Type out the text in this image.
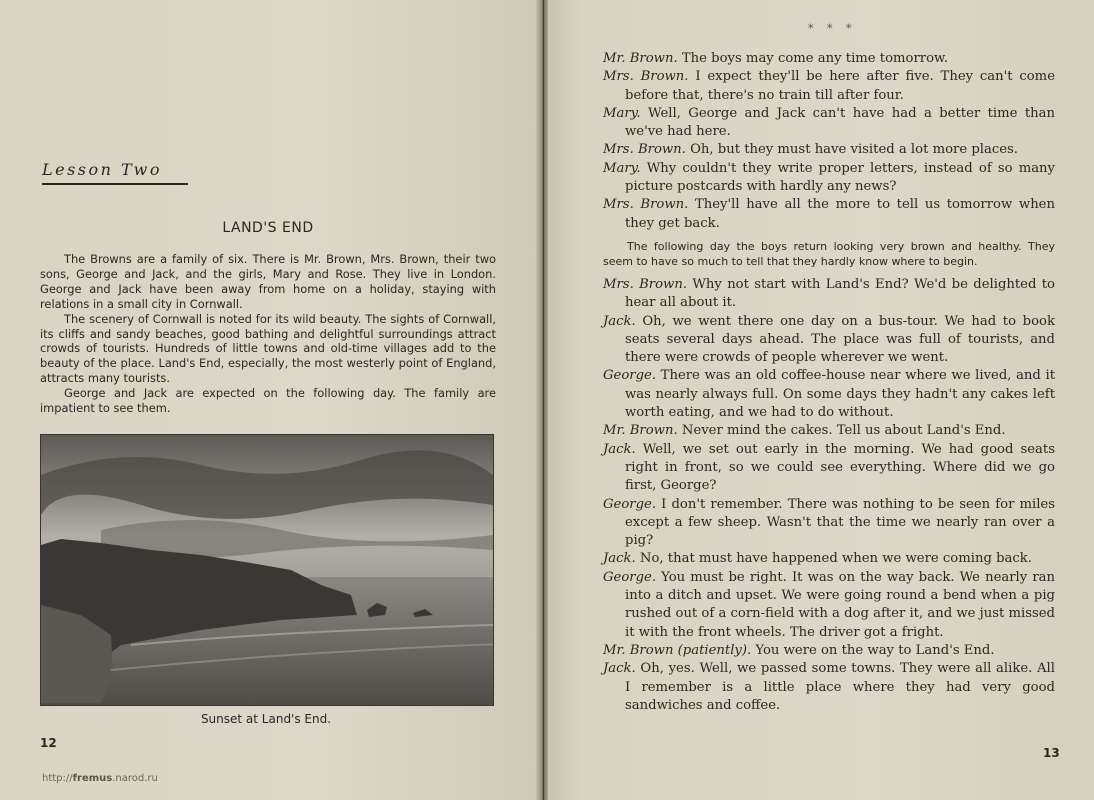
Lesson Two
LAND'S END

The Browns are a family of six. There is Mr. Brown, Mrs. Brown, their two sons, George and Jack, and the girls, Mary and Rose. They live in London. George and Jack have been away from home on a holiday, staying with relations in a small city in Cornwall.

The scenery of Cornwall is noted for its wild beauty. The sights of Cornwall, its cliffs and sandy beaches, good bathing and delightful surroundings attract crowds of tourists. Hundreds of little towns and old-time villages add to the beauty of the place. Land's End, especially, the most westerly point of England, attracts many tourists.

George and Jack are expected on the following day. The family are impatient to see them.

Sunset at Land's End.
12
http://fremus.narod.ru
* * *
Mr. Brown. The boys may come any time tomorrow.
Mrs. Brown. I expect they'll be here after five. They can't come before that, there's no train till after four.
Mary. Well, George and Jack can't have had a better time than we've had here.
Mrs. Brown. Oh, but they must have visited a lot more places.
Mary. Why couldn't they write proper letters, instead of so many picture postcards with hardly any news?
Mrs. Brown. They'll have all the more to tell us tomorrow when they get back.
The following day the boys return looking very brown and healthy. They seem to have so much to tell that they hardly know where to begin.
Mrs. Brown. Why not start with Land's End? We'd be delighted to hear all about it.
Jack. Oh, we went there one day on a bus-tour. We had to book seats several days ahead. The place was full of tourists, and there were crowds of people wherever we went.
George. There was an old coffee-house near where we lived, and it was nearly always full. On some days they hadn't any cakes left worth eating, and we had to do without.
Mr. Brown. Never mind the cakes. Tell us about Land's End.
Jack. Well, we set out early in the morning. We had good seats right in front, so we could see everything. Where did we go first, George?
George. I don't remember. There was nothing to be seen for miles except a few sheep. Wasn't that the time we nearly ran over a pig?
Jack. No, that must have happened when we were coming back.
George. You must be right. It was on the way back. We nearly ran into a ditch and upset. We were going round a bend when a pig rushed out of a corn-field with a dog after it, and we just missed it with the front wheels. The driver got a fright.
Mr. Brown (patiently). You were on the way to Land's End.
Jack. Oh, yes. Well, we passed some towns. They were all alike. All I remember is a little place where they had very good sandwiches and coffee.
13
